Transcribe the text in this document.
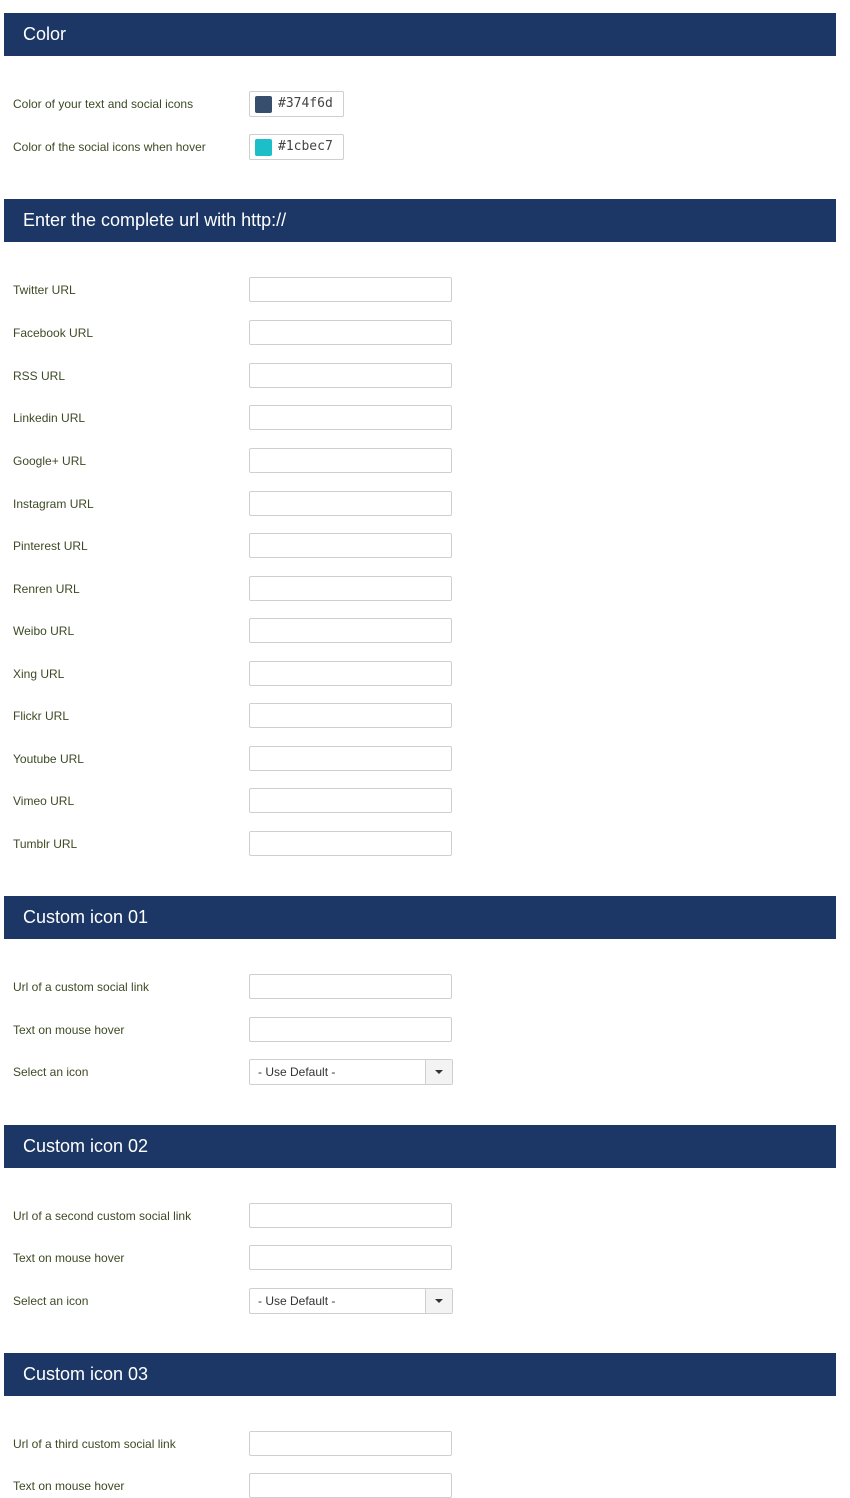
Color
Color of your text and social icons	#374f6d
Color of the social icons when hover	#1cbec7
Enter the complete url with http://
Twitter URL
Facebook URL
RSS URL
Linkedin URL
Google+ URL
Instagram URL
Pinterest URL
Renren URL
Weibo URL
Xing URL
Flickr URL
Youtube URL
Vimeo URL
Tumblr URL
Custom icon 01
Url of a custom social link
Text on mouse hover
Select an icon	- Use Default -
Custom icon 02
Url of a second custom social link
Text on mouse hover
Select an icon	- Use Default -
Custom icon 03
Url of a third custom social link
Text on mouse hover
